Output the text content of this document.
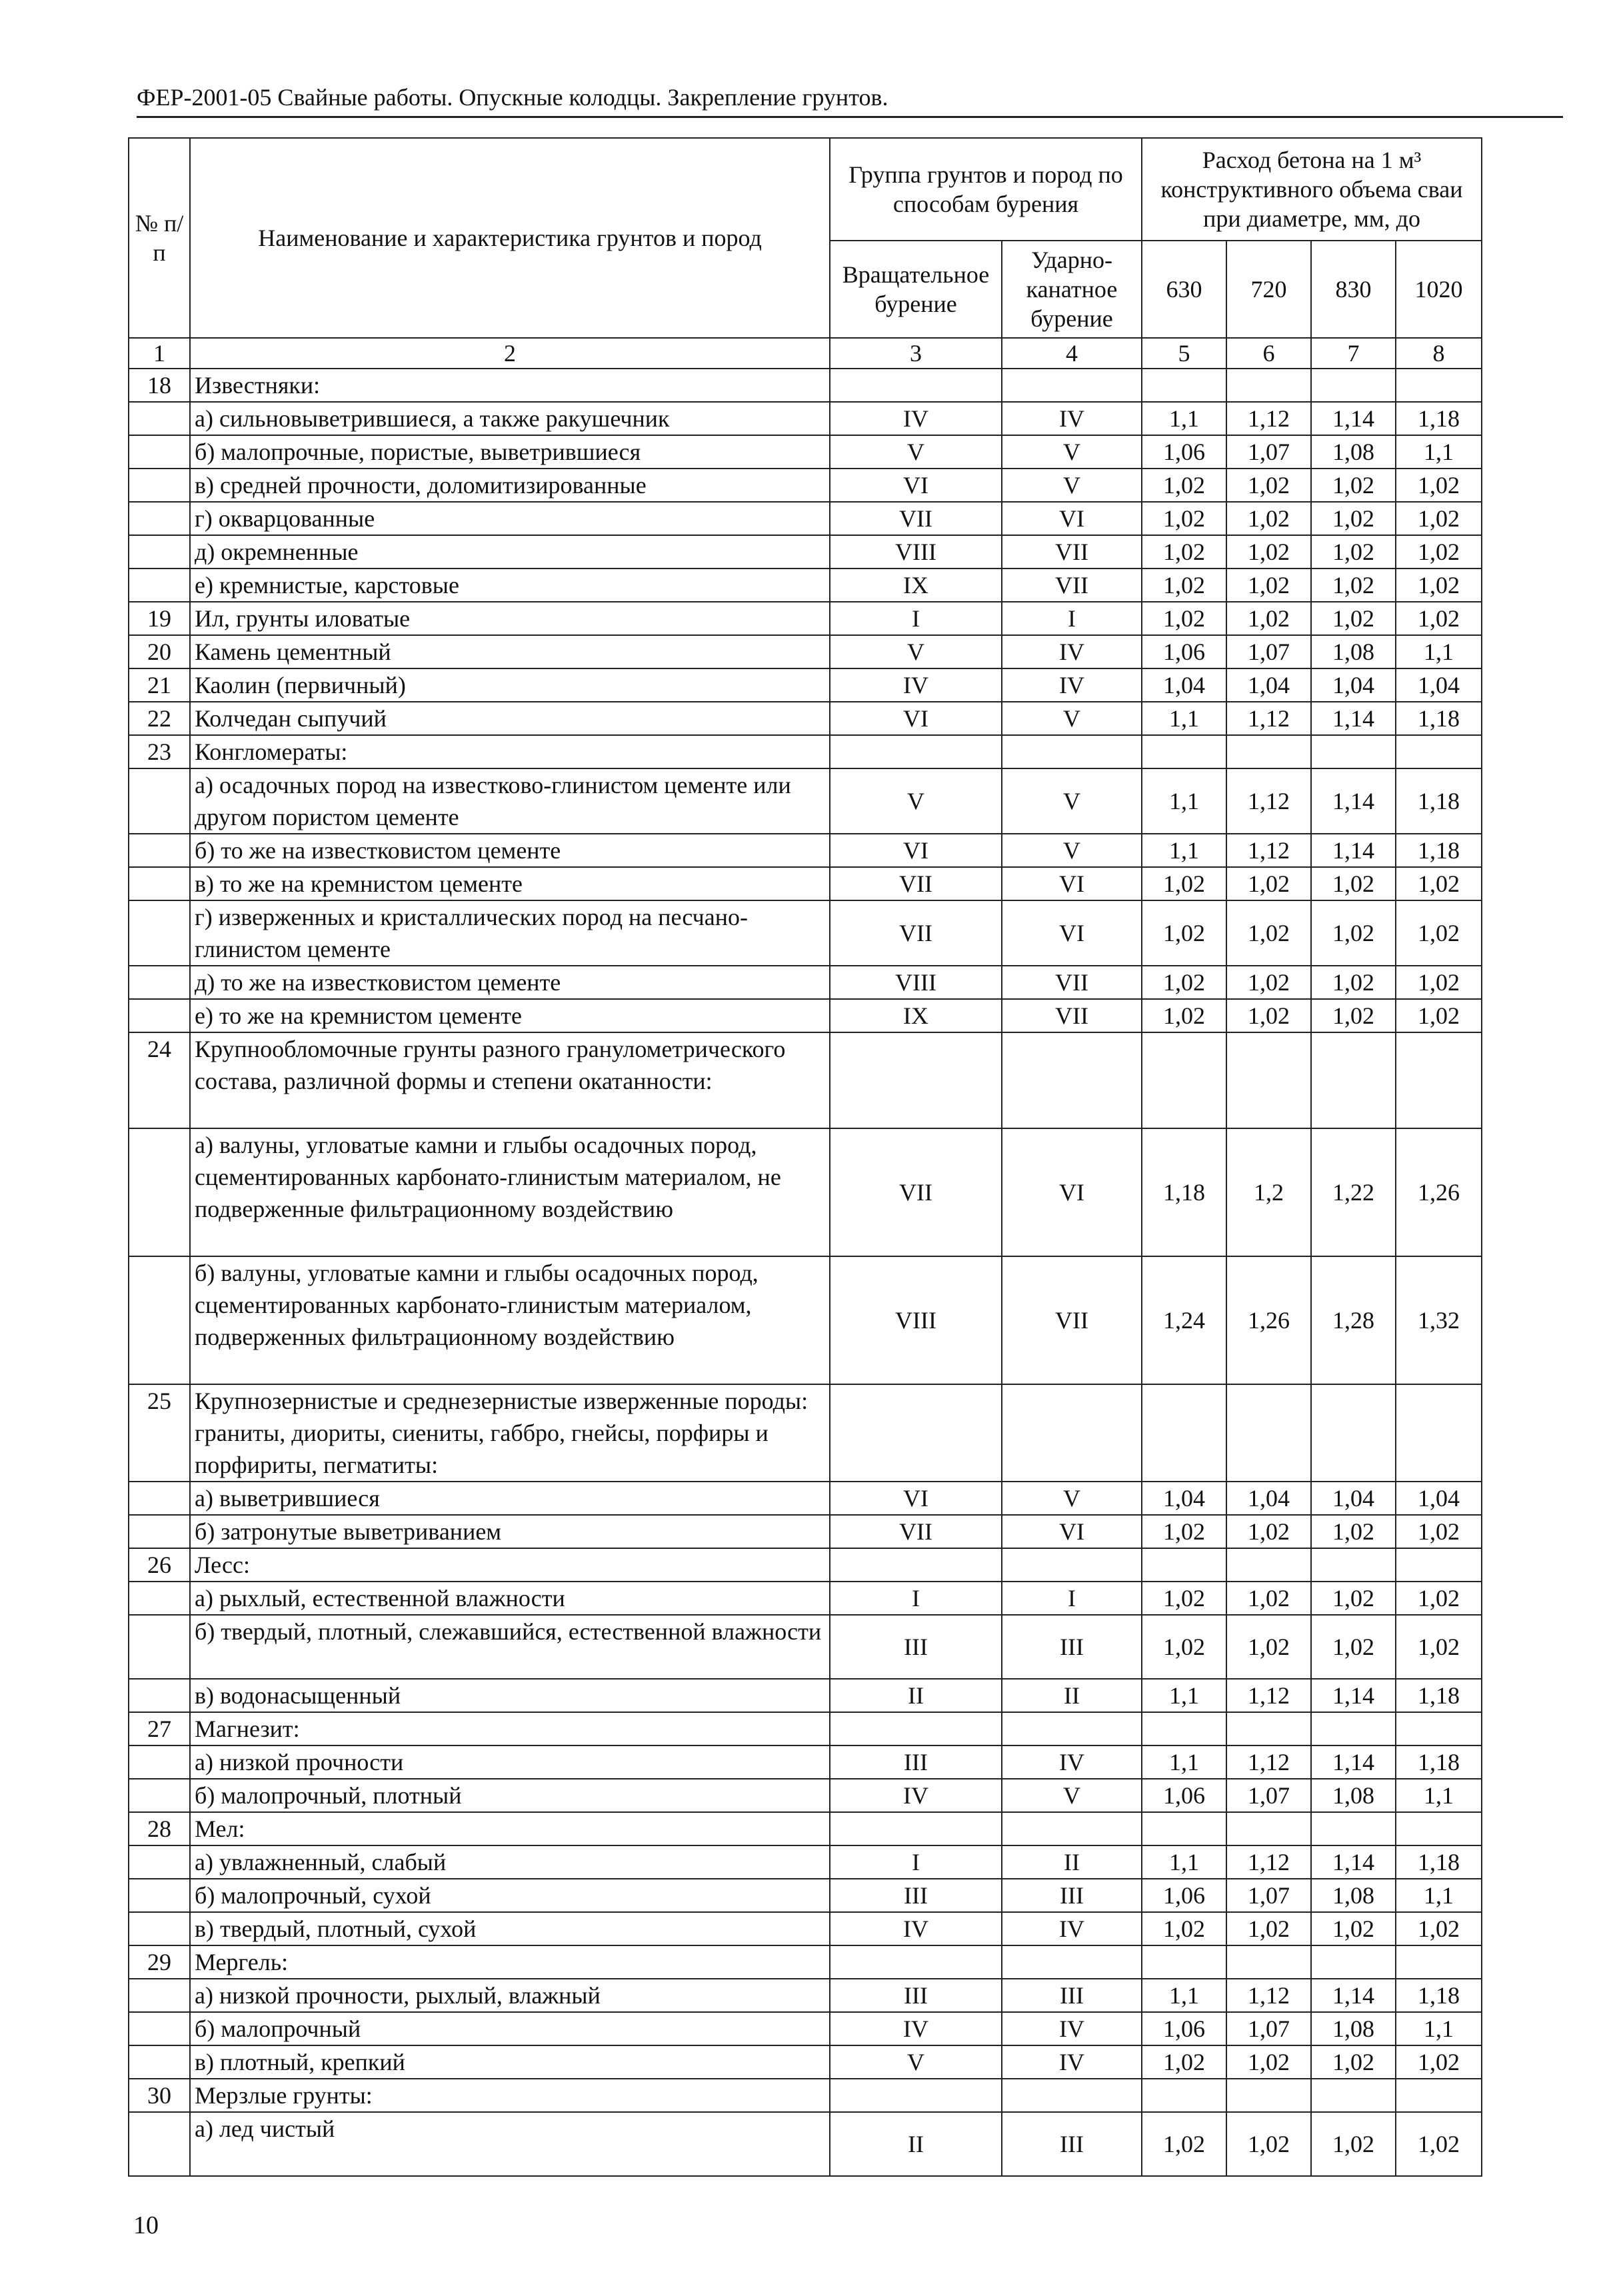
ФЕР-2001-05 Свайные работы. Опускные колодцы. Закрепление грунтов.
№ п/п	Наименование и характеристика грунтов и пород	Группа грунтов и пород по способам бурения		Расход бетона на 1 м³ конструктивного объема сваи при диаметре, мм, до			
		Вращательное бурение	Ударно-канатное бурение	630	720	830	1020
1	2	3	4	5	6	7	8
18	Известняки:						
	а) сильновыветрившиеся, а также ракушечник	IV	IV	1,1	1,12	1,14	1,18
	б) малопрочные, пористые, выветрившиеся	V	V	1,06	1,07	1,08	1,1
	в) средней прочности, доломитизированные	VI	V	1,02	1,02	1,02	1,02
	г) окварцованные	VII	VI	1,02	1,02	1,02	1,02
	д) окремненные	VIII	VII	1,02	1,02	1,02	1,02
	е) кремнистые, карстовые	IX	VII	1,02	1,02	1,02	1,02
19	Ил, грунты иловатые	I	I	1,02	1,02	1,02	1,02
20	Камень цементный	V	IV	1,06	1,07	1,08	1,1
21	Каолин (первичный)	IV	IV	1,04	1,04	1,04	1,04
22	Колчедан сыпучий	VI	V	1,1	1,12	1,14	1,18
23	Конгломераты:						
	а) осадочных пород на известково-глинистом цементе или другом пористом цементе	V	V	1,1	1,12	1,14	1,18
	б) то же на известковистом цементе	VI	V	1,1	1,12	1,14	1,18
	в) то же на кремнистом цементе	VII	VI	1,02	1,02	1,02	1,02
	г) изверженных и кристаллических пород на песчано-глинистом цементе	VII	VI	1,02	1,02	1,02	1,02
	д) то же на известковистом цементе	VIII	VII	1,02	1,02	1,02	1,02
	е) то же на кремнистом цементе	IX	VII	1,02	1,02	1,02	1,02
24	Крупнообломочные грунты разного гранулометрического состава, различной формы и степени окатанности:						
	а) валуны, угловатые камни и глыбы осадочных пород, сцементированных карбонато-глинистым материалом, не подверженные фильтрационному воздействию	VII	VI	1,18	1,2	1,22	1,26
	б) валуны, угловатые камни и глыбы осадочных пород, сцементированных карбонато-глинистым материалом, подверженных фильтрационному воздействию	VIII	VII	1,24	1,26	1,28	1,32
25	Крупнозернистые и среднезернистые изверженные породы: граниты, диориты, сиениты, габбро, гнейсы, порфиры и порфириты, пегматиты:						
	а) выветрившиеся	VI	V	1,04	1,04	1,04	1,04
	б) затронутые выветриванием	VII	VI	1,02	1,02	1,02	1,02
26	Лесс:						
	а) рыхлый, естественной влажности	I	I	1,02	1,02	1,02	1,02
	б) твердый, плотный, слежавшийся, естественной влажности	III	III	1,02	1,02	1,02	1,02
	в) водонасыщенный	II	II	1,1	1,12	1,14	1,18
27	Магнезит:						
	а) низкой прочности	III	IV	1,1	1,12	1,14	1,18
	б) малопрочный, плотный	IV	V	1,06	1,07	1,08	1,1
28	Мел:						
	а) увлажненный, слабый	I	II	1,1	1,12	1,14	1,18
	б) малопрочный, сухой	III	III	1,06	1,07	1,08	1,1
	в) твердый, плотный, сухой	IV	IV	1,02	1,02	1,02	1,02
29	Мергель:						
	а) низкой прочности, рыхлый, влажный	III	III	1,1	1,12	1,14	1,18
	б) малопрочный	IV	IV	1,06	1,07	1,08	1,1
	в) плотный, крепкий	V	IV	1,02	1,02	1,02	1,02
30	Мерзлые грунты:						
	а) лед чистый	II	III	1,02	1,02	1,02	1,02
10
